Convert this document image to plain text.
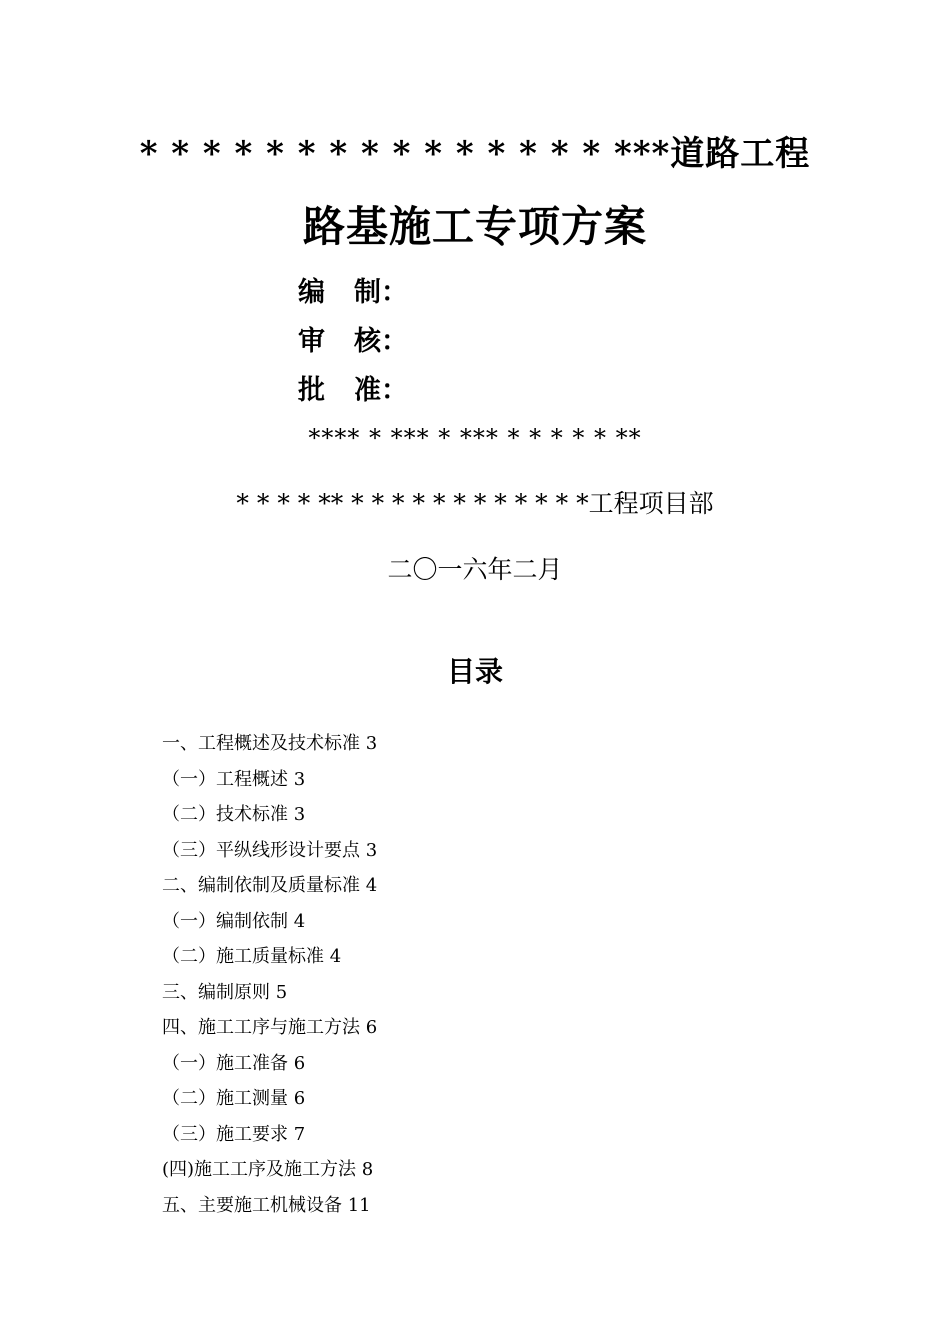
* * * * * * * * * * * * * * * ***道路工程
路基施工专项方案
编 制：
审 核：
批 准：
**** * *** * *** * * * * * **
* * * * ** * * * * * * * * * * * *工程项目部
二〇一六年二月
目录
一、工程概述及技术标准 3
（一）工程概述 3
（二）技术标准 3
（三）平纵线形设计要点 3
二、编制依制及质量标准 4
（一）编制依制 4
（二）施工质量标准 4
三、编制原则 5
四、施工工序与施工方法 6
（一）施工准备 6
（二）施工测量 6
（三）施工要求 7
(四)施工工序及施工方法 8
五、主要施工机械设备 11
